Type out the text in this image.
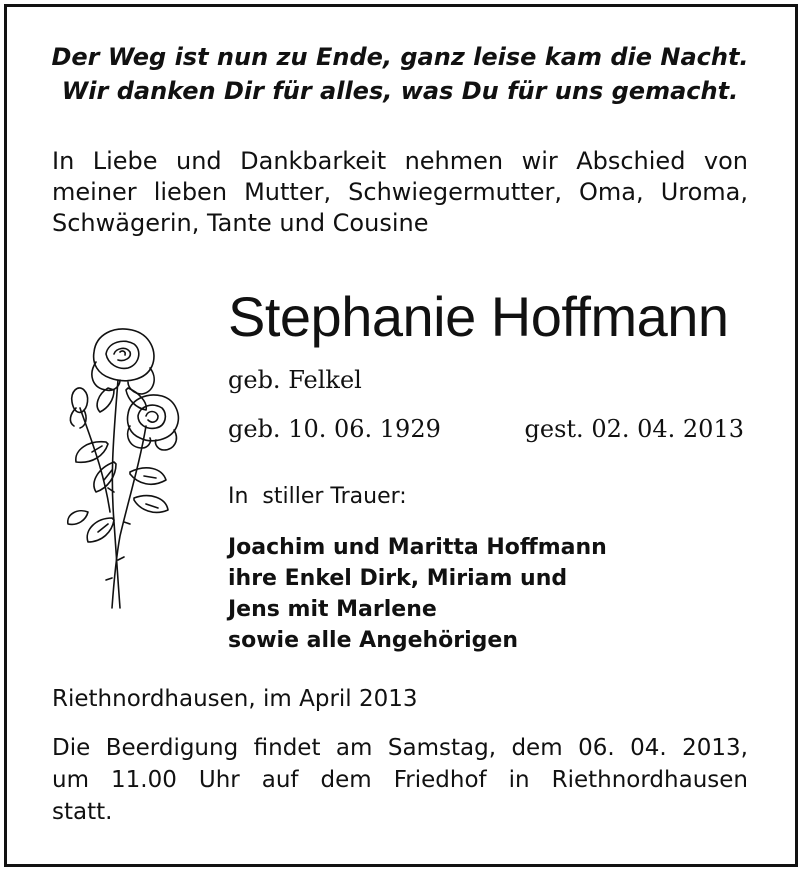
Der Weg ist nun zu Ende, ganz leise kam die Nacht.
Wir danken Dir für alles, was Du für uns gemacht.
In Liebe und Dankbarkeit nehmen wir Abschied von
meiner lieben Mutter, Schwiegermutter, Oma, Uroma,
Schwägerin, Tante und Cousine
Stephanie Hoffmann
geb. Felkel
geb. 10. 06. 1929	gest. 02. 04. 2013
In  stiller Trauer:
Joachim und Maritta Hoffmann
ihre Enkel Dirk, Miriam und
Jens mit Marlene
sowie alle Angehörigen
Riethnordhausen, im April 2013
Die Beerdigung findet am Samstag, dem 06. 04. 2013,
um 11.00 Uhr auf dem Friedhof in Riethnordhausen
statt.
